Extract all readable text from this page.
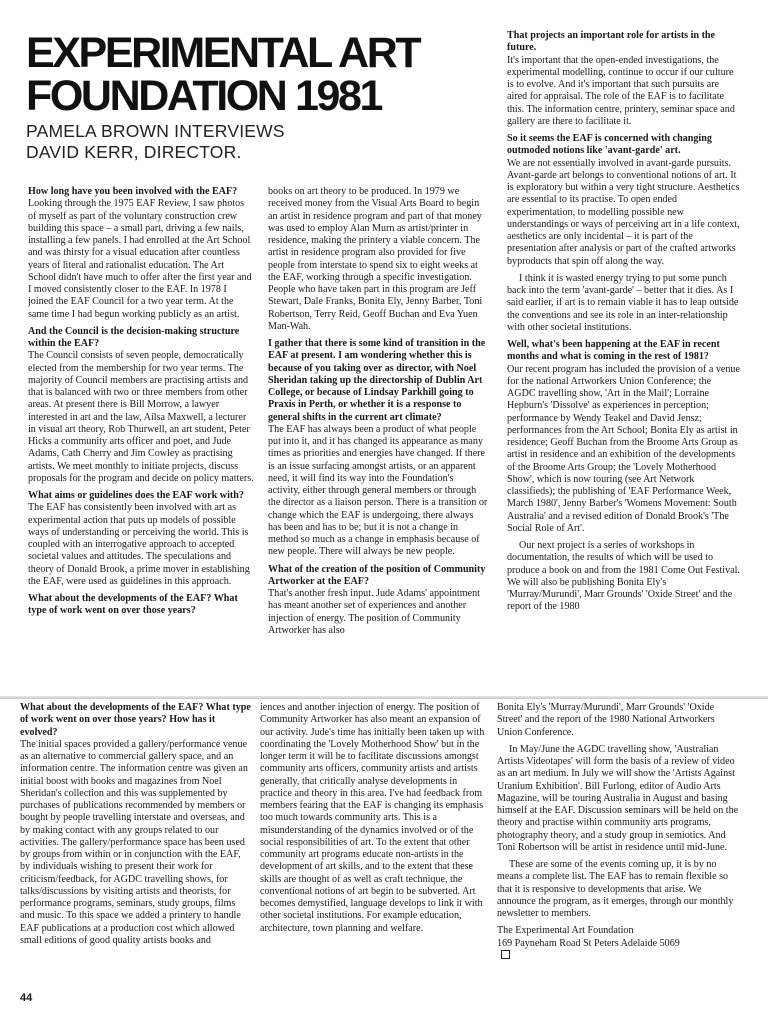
EXPERIMENTAL ART
FOUNDATION 1981
PAMELA BROWN INTERVIEWS
DAVID KERR, DIRECTOR.

How long have you been involved with the EAF?

Looking through the 1975 EAF Review, I saw photos of myself as part of the voluntary construction crew building this space – a small part, driving a few nails, installing a few panels. I had enrolled at the Art School and was thirsty for a visual education after countless years of literal and rationalist education. The Art School didn't have much to offer after the first year and I moved consistently closer to the EAF. In 1978 I joined the EAF Council for a two year term. At the same time I had begun working publicly as an artist.

And the Council is the decision-making structure within the EAF?

The Council consists of seven people, democratically elected from the membership for two year terms. The majority of Council members are practising artists and that is balanced with two or three members from other areas. At present there is Bill Morrow, a lawyer interested in art and the law, Ailsa Maxwell, a lecturer in visual art theory, Rob Thurwell, an art student, Peter Hicks a community arts officer and poet, and Jude Adams, Cath Cherry and Jim Cowley as practising artists. We meet monthly to initiate projects, discuss proposals for the program and decide on policy matters.

What aims or guidelines does the EAF work with?

The EAF has consistently been involved with art as experimental action that puts up models of possible ways of understanding or perceiving the world. This is coupled with an interrogative approach to accepted societal values and attitudes. The speculations and theory of Donald Brook, a prime mover in establishing the EAF, were used as guidelines in this approach.

What about the developments of the EAF? What type of work went on over those years?

books on art theory to be produced. In 1979 we received money from the Visual Arts Board to begin an artist in residence program and part of that money was used to employ Alan Murn as artist/printer in residence, making the printery a viable concern. The artist in residence program also provided for five people from interstate to spend six to eight weeks at the EAF, working through a specific investigation. People who have taken part in this program are Jeff Stewart, Dale Franks, Bonita Ely, Jenny Barber, Toni Robertson, Terry Reid, Geoff Buchan and Eva Yuen Man-Wah.

I gather that there is some kind of transition in the EAF at present. I am wondering whether this is because of you taking over as director, with Noel Sheridan taking up the directorship of Dublin Art College, or because of Lindsay Parkhill going to Praxis in Perth, or whether it is a response to general shifts in the current art climate?

The EAF has always been a product of what people put into it, and it has changed its appearance as many times as priorities and energies have changed. If there is an issue surfacing amongst artists, or an apparent need, it will find its way into the Foundation's activity, either through general members or through the director as a liaison person. There is a transition or change which the EAF is undergoing, there always has been and has to be; but it is not a change in method so much as a change in emphasis because of new people. There will always be new people.

What of the creation of the position of Community Artworker at the EAF?

That's another fresh input. Jude Adams' appointment has meant another set of experiences and another injection of energy. The position of Community Artworker has also

That projects an important role for artists in the future.

It's important that the open-ended investigations, the experimental modelling, continue to occur if our culture is to evolve. And it's important that such pursuits are aired for appraisal. The role of the EAF is to facilitate this. The information centre, printery, seminar space and gallery are there to facilitate it.

So it seems the EAF is concerned with changing outmoded notions like 'avant-garde' art.

We are not essentially involved in avant-garde pursuits. Avant-garde art belongs to conventional notions of art. It is exploratory but within a very tight structure. Aesthetics are essential to its practise. To open ended experimentation, to modelling possible new understandings or ways of perceiving art in a life context, aesthetics are only incidental – it is part of the presentation after analysis or part of the crafted artworks byproducts that spin off along the way.

I think it is wasted energy trying to put some punch back into the term 'avant-garde' – better that it dies. As I said earlier, if art is to remain viable it has to leap outside the conventions and see its role in an inter-relationship with other societal institutions.

Well, what's been happening at the EAF in recent months and what is coming in the rest of 1981?

Our recent program has included the provision of a venue for the national Artworkers Union Conference; the AGDC travelling show, 'Art in the Mail'; Lorraine Hepburn's 'Dissolve' as experiences in perception; performance by Wendy Teakel and David Jensz; performances from the Art School; Bonita Ely as artist in residence; Geoff Buchan from the Broome Arts Group as artist in residence and an exhibition of the developments of the Broome Arts Group; the 'Lovely Motherhood Show', which is now touring (see Art Network classifieds); the publishing of 'EAF Performance Week, March 1980', Jenny Barber's 'Womens Movement: South Australia' and a revised edition of Donald Brook's 'The Social Role of Art'.

Our next project is a series of workshops in documentation, the results of which will be used to produce a book on and from the 1981 Come Out Festival. We will also be publishing Bonita Ely's 'Murray/Murundi', Marr Grounds' 'Oxide Street' and the report of the 1980

What about the developments of the EAF? What type of work went on over those years? How has it evolved?

The initial spaces provided a gallery/performance venue as an alternative to commercial gallery space, and an information centre. The information centre was given an initial boost with books and magazines from Noel Sheridan's collection and this was supplemented by purchases of publications recommended by members or bought by people travelling interstate and overseas, and by making contact with any groups related to our activities. The gallery/performance space has been used by groups from within or in conjunction with the EAF, by individuals wishing to present their work for criticism/feedback, for AGDC travelling shows, for talks/discussions by visiting artists and theorists, for performance programs, seminars, study groups, films and music. To this space we added a printery to handle EAF publications at a production cost which allowed small editions of good quality artists books and

iences and another injection of energy. The position of Community Artworker has also meant an expansion of our activity. Jude's time has initially been taken up with coordinating the 'Lovely Motherhood Show' but in the longer term it will be to facilitate discussions amongst community arts officers, community artists and artists generally, that critically analyse developments in practice and theory in this area. I've had feedback from members fearing that the EAF is changing its emphasis too much towards community arts. This is a misunderstanding of the dynamics involved or of the social responsibilities of art. To the extent that other community art programs educate non-artists in the development of art skills, and to the extent that these skills are thought of as well as craft technique, the conventional notions of art begin to be subverted. Art becomes demystified, language develops to link it with other societal institutions. For example education, architecture, town planning and welfare.

Bonita Ely's 'Murray/Murundi', Marr Grounds' 'Oxide Street' and the report of the 1980 National Artworkers Union Conference.

In May/June the AGDC travelling show, 'Australian Artists Videotapes' will form the basis of a review of video as an art medium. In July we will show the 'Artists Against Uranium Exhibition'. Bill Furlong, editor of Audio Arts Magazine, will be touring Australia in August and basing himself at the EAF. Discussion seminars will be held on the theory and practise within community arts programs, photography theory, and a study group in semiotics. And Toni Robertson will be artist in residence until mid-June.

These are some of the events coming up, it is by no means a complete list. The EAF has to remain flexible so that it is responsive to developments that arise. We announce the program, as it emerges, through our monthly newsletter to members.

The Experimental Art Foundation
169 Payneham Road St Peters Adelaide 5069

44
